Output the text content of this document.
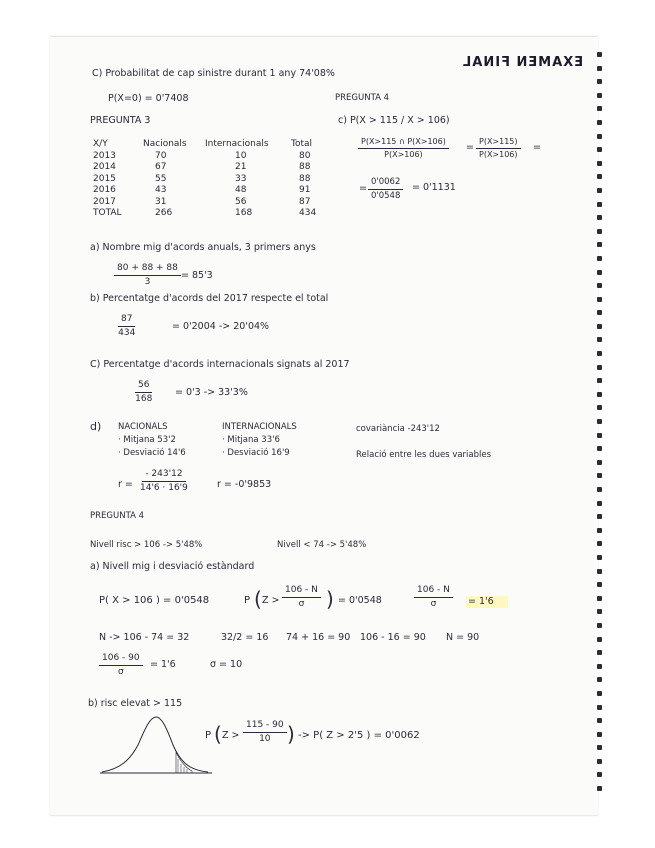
EXAMEN FINAL
C) Probabilitat de cap sinistre durant 1 any 74'08%
P(X=0) = 0'7408
PREGUNTA 3
X/Y	Nacionals	Internacionals	Total
2013	70	10	80
2014	67	21	88
2015	55	33	88
2016	43	48	91
2017	31	56	87
TOTAL	266	168	434
a) Nombre mig d'acords anuals, 3 primers anys
$\frac{80 + 88 + 88}{3} = 85'3$
b) Percentatge d'acords del 2017 respecte el total
$\frac{87}{434}$	= 0'2004 -> 20'04%
C) Percentatge d'acords internacionals signats al 2017
$\frac{56}{168} = 0'3 -> 33'3\%$
d) NACIONALS
· Mitjana 53'2
· Desviació 14'6
INTERNACIONALS
· Mitjana 33'6
· Desviació 16'9
covariància -243'12
Relació entre les dues variables
$r = \frac{- 243'12}{14'6 \cdot 16'9}$	r = -0'9853
PREGUNTA 4
c) P(X > 115 / X > 106)
$\frac{P(X>115 \cap P(X>106)}{P(X>106)} = \frac{P(X>115)}{P(X>106)}$ =
= $\frac{0'0062}{0'0548} = 0'1131$
PREGUNTA 4
Nivell risc > 106 -> 5'48%	Nivell < 74 -> 5'48%
a) Nivell mig i desviació estàndard
P( X > 106 ) = 0'0548	P ( $Z > \frac{106 - N}{\sigma}$ ) = 0'0548	$\frac{106 - N}{\sigma} = 1'6$
N -> 106 - 74 = 32	32/2 = 16 74 + 16 = 90 106 - 16 = 90 N = 90
$\frac{106 - 90}{\sigma} = 1'6$	σ = 10
b) risc elevat > 115
P ( $Z > \frac{115 - 90}{10}$ ) -> P( Z > 2'5 ) = 0'0062
